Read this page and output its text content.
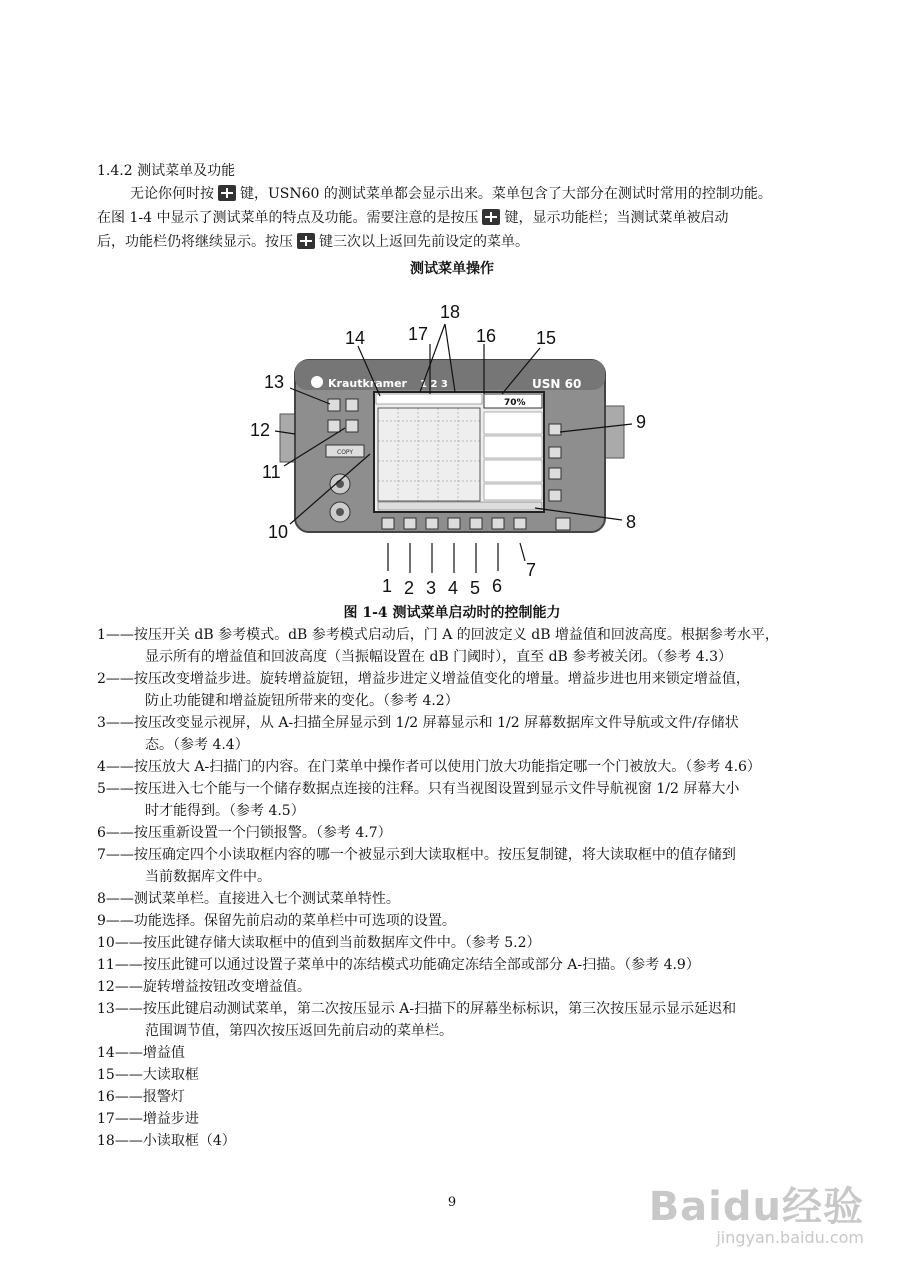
1.4.2 测试菜单及功能
无论你何时按 键，USN60 的测试菜单都会显示出来。菜单包含了大部分在测试时常用的控制功能。
在图 1-4 中显示了测试菜单的特点及功能。需要注意的是按压 键，显示功能栏；当测试菜单被启动
后，功能栏仍将继续显示。按压 键三次以上返回先前设定的菜单。
测试菜单操作
Krautkramer 1 2 3	USN 60
COPY
70%
1 2 3 4 5 6
7
8
9
10
11
12
13
14	15
16
17
18
图 1-4 测试菜单启动时的控制能力
1——按压开关 dB 参考模式。dB 参考模式启动后，门 A 的回波定义 dB 增益值和回波高度。根据参考水平，
显示所有的增益值和回波高度（当振幅设置在 dB 门阈时），直至 dB 参考被关闭。（参考 4.3）
2——按压改变增益步进。旋转增益旋钮，增益步进定义增益值变化的增量。增益步进也用来锁定增益值，
防止功能键和增益旋钮所带来的变化。（参考 4.2）
3——按压改变显示视屏，从 A-扫描全屏显示到 1/2 屏幕显示和 1/2 屏幕数据库文件导航或文件/存储状
态。（参考 4.4）
4——按压放大 A-扫描门的内容。在门菜单中操作者可以使用门放大功能指定哪一个门被放大。（参考 4.6）
5——按压进入七个能与一个储存数据点连接的注释。只有当视图设置到显示文件导航视窗 1/2 屏幕大小
时才能得到。（参考 4.5）
6——按压重新设置一个闩锁报警。（参考 4.7）
7——按压确定四个小读取框内容的哪一个被显示到大读取框中。按压复制键，将大读取框中的值存储到
当前数据库文件中。
8——测试菜单栏。直接进入七个测试菜单特性。
9——功能选择。保留先前启动的菜单栏中可选项的设置。
10——按压此键存储大读取框中的值到当前数据库文件中。（参考 5.2）
11——按压此键可以通过设置子菜单中的冻结模式功能确定冻结全部或部分 A-扫描。（参考 4.9）
12——旋转增益按钮改变增益值。
13——按压此键启动测试菜单，第二次按压显示 A-扫描下的屏幕坐标标识，第三次按压显示显示延迟和
范围调节值，第四次按压返回先前启动的菜单栏。
14——增益值
15——大读取框
16——报警灯
17——增益步进
18——小读取框（4）
9	Baidu经验
jingyan.baidu.com
